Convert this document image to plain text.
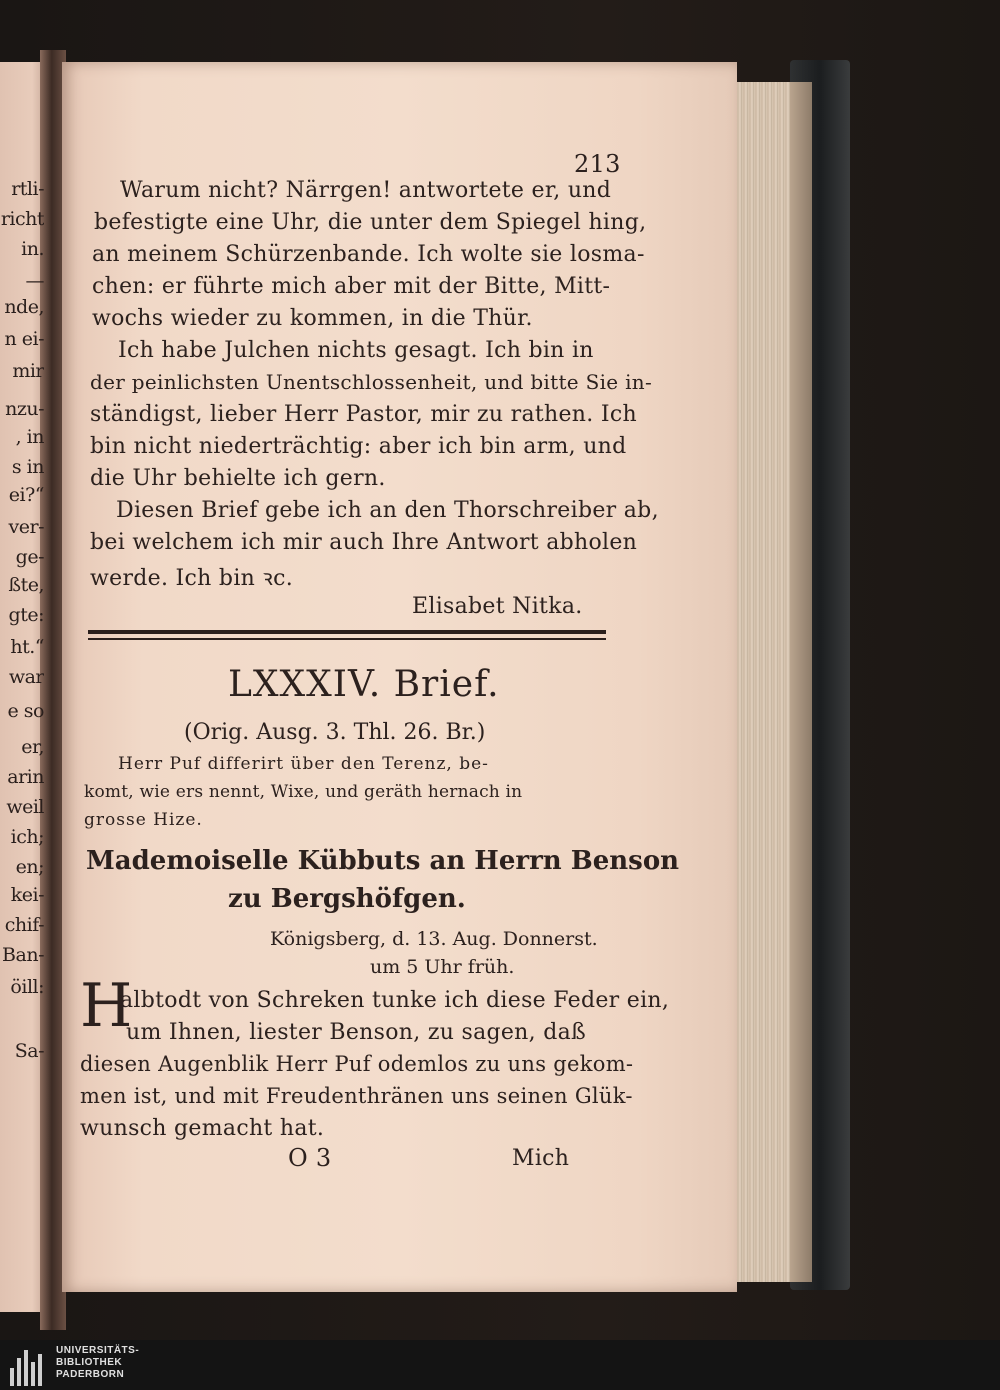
rtli-
richt
in.
—
nde,
n ei-
mir
nzu-
, in
s in
ei?“
ver-
ge-
ßte,
gte:
ht.“
war
e so
er,
arin
weil
ich;
en;
kei-
chif-
Ban-
öill:
Sa-
213
Warum nicht? Närrgen! antwortete er, und
befestigte eine Uhr, die unter dem Spiegel hing,
an meinem Schürzenbande. Ich wolte sie losma-
chen: er führte mich aber mit der Bitte, Mitt-
wochs wieder zu kommen, in die Thür.
Ich habe Julchen nichts gesagt. Ich bin in
der peinlichsten Unentschlossenheit, und bitte Sie in-
ständigst, lieber Herr Pastor, mir zu rathen. Ich
bin nicht niederträchtig: aber ich bin arm, und
die Uhr behielte ich gern.
Diesen Brief gebe ich an den Thorschreiber ab,
bei welchem ich mir auch Ihre Antwort abholen
werde. Ich bin ꝛc.
Elisabet Nitka.
LXXXIV. Brief.
(Orig. Ausg. 3. Thl. 26. Br.)
Herr Puf differirt über den Terenz, be-
komt, wie ers nennt, Wixe, und geräth hernach in
grosse Hize.
Mademoiselle Kübbuts an Herrn Benson
zu Bergshöfgen.
Königsberg, d. 13. Aug. Donnerst.
um 5 Uhr früh.
H
albtodt von Schreken tunke ich diese Feder ein,
um Ihnen, liester Benson, zu sagen, daß
diesen Augenblik Herr Puf odemlos zu uns gekom-
men ist, und mit Freudenthränen uns seinen Glük-
wunsch gemacht hat.
O 3	Mich
UNIVERSITÄTS-
BIBLIOTHEK
PADERBORN
